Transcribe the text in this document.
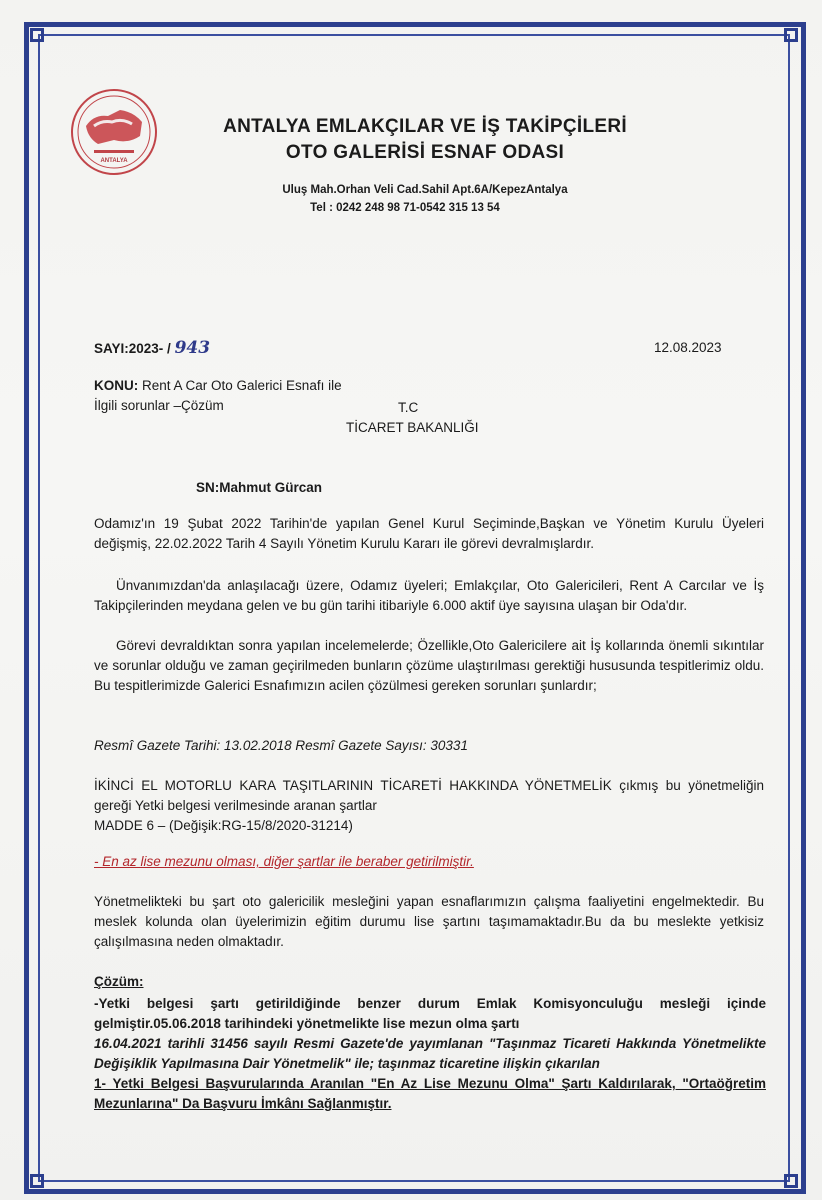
ANTALYA
ANTALYA EMLAKÇILAR VE İŞ TAKİPÇİLERİ
OTO GALERİSİ ESNAF ODASI
Uluş Mah.Orhan Veli Cad.Sahil Apt.6A/KepezAntalya
Tel : 0242 248 98 71-0542 315 13 54
SAYI:2023- / 943	12.08.2023
KONU: Rent A Car Oto Galerici Esnafı ile
İlgili sorunlar –Çözüm	T.C
TİCARET BAKANLIĞI
SN:Mahmut Gürcan
Odamız'ın 19 Şubat 2022 Tarihin'de yapılan Genel Kurul Seçiminde,Başkan ve Yönetim Kurulu Üyeleri değişmiş, 22.02.2022 Tarih 4 Sayılı Yönetim Kurulu Kararı ile görevi devralmışlardır.
Ünvanımızdan'da anlaşılacağı üzere, Odamız üyeleri; Emlakçılar, Oto Galericileri, Rent A Carcılar ve İş Takipçilerinden meydana gelen ve bu gün tarihi itibariyle 6.000 aktif üye sayısına ulaşan bir Oda'dır.
Görevi devraldıktan sonra yapılan incelemelerde; Özellikle,Oto Galericilere ait İş kollarında önemli sıkıntılar ve sorunlar olduğu ve zaman geçirilmeden bunların çözüme ulaştırılması gerektiği hususunda tespitlerimiz oldu. Bu tespitlerimizde Galerici Esnafımızın acilen çözülmesi gereken sorunları şunlardır;
Resmî Gazete Tarihi: 13.02.2018 Resmî Gazete Sayısı: 30331
İKİNCİ EL MOTORLU KARA TAŞITLARININ TİCARETİ HAKKINDA YÖNETMELİK çıkmış bu yönetmeliğin gereği Yetki belgesi verilmesinde aranan şartlar
MADDE 6 – (Değişik:RG-15/8/2020-31214)
- En az lise mezunu olması, diğer şartlar ile beraber getirilmiştir.
Yönetmelikteki bu şart oto galericilik mesleğini yapan esnaflarımızın çalışma faaliyetini engelmektedir. Bu meslek kolunda olan üyelerimizin eğitim durumu lise şartını taşımamaktadır.Bu da bu meslekte yetkisiz çalışılmasına neden olmaktadır.
Çözüm:
-Yetki belgesi şartı getirildiğinde benzer durum Emlak Komisyonculuğu mesleği içinde gelmiştir.05.06.2018 tarihindeki yönetmelikte lise mezun olma şartı
16.04.2021 tarihli 31456 sayılı Resmi Gazete'de yayımlanan "Taşınmaz Ticareti Hakkında Yönetmelikte Değişiklik Yapılmasına Dair Yönetmelik" ile; taşınmaz ticaretine ilişkin çıkarılan
1- Yetki Belgesi Başvurularında Aranılan "En Az Lise Mezunu Olma" Şartı Kaldırılarak, "Ortaöğretim Mezunlarına" Da Başvuru İmkânı Sağlanmıştır.
